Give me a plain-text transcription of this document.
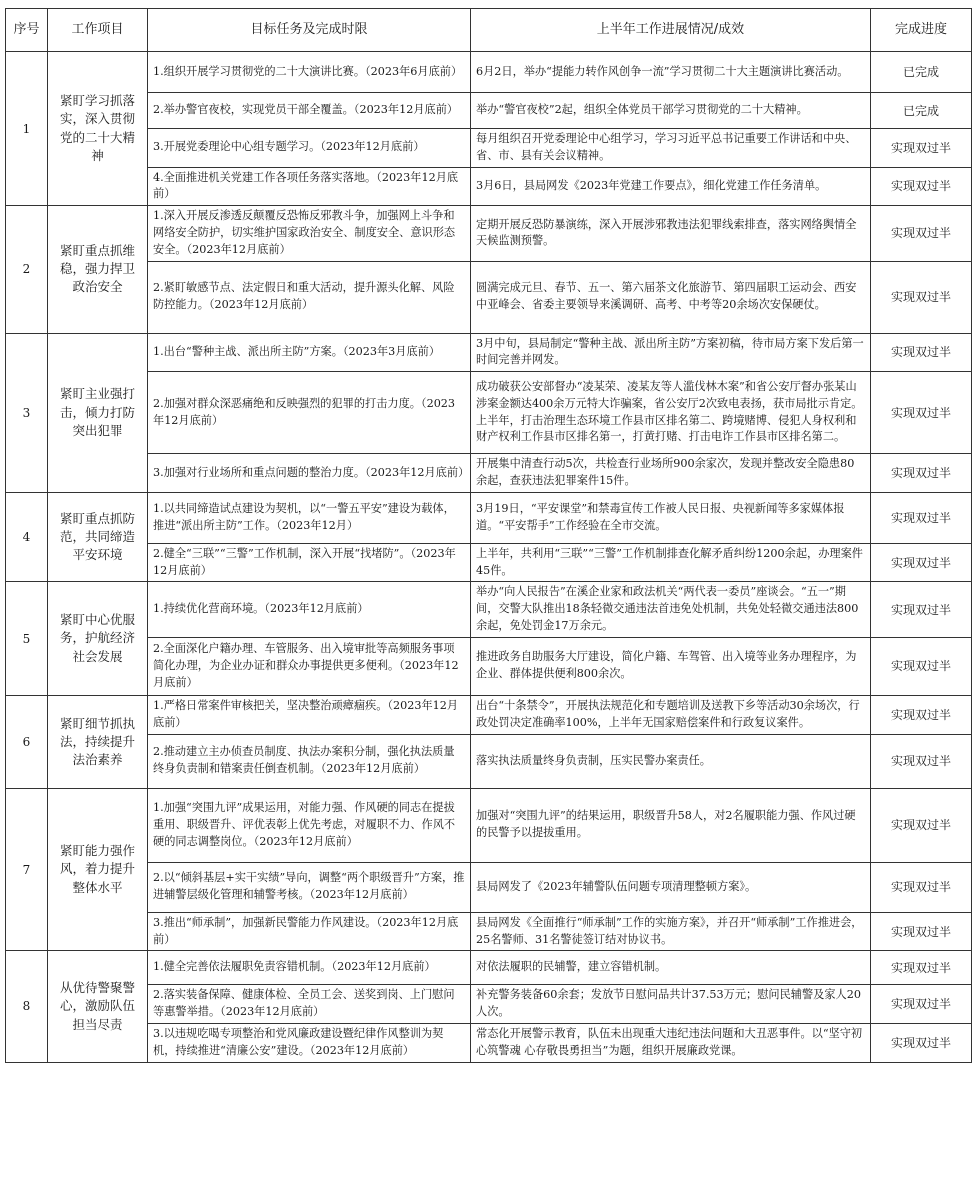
序号	工作项目	目标任务及完成时限	上半年工作进展情况/成效	完成进度
1	紧盯学习抓落实，深入贯彻党的二十大精神	1.组织开展学习贯彻党的二十大演讲比赛。（2023年6月底前）	6月2日，举办“提能力转作风创争一流”学习贯彻二十大主题演讲比赛活动。	已完成
		2.举办警官夜校，实现党员干部全覆盖。（2023年12月底前）	举办“警官夜校”2起，组织全体党员干部学习贯彻党的二十大精神。	已完成
		3.开展党委理论中心组专题学习。（2023年12月底前）	每月组织召开党委理论中心组学习，学习习近平总书记重要工作讲话和中央、省、市、县有关会议精神。	实现双过半
		4.全面推进机关党建工作各项任务落实落地。（2023年12月底前）	3月6日，县局网发《2023年党建工作要点》，细化党建工作任务清单。	实现双过半
2	紧盯重点抓维稳，强力捍卫政治安全	1.深入开展反渗透反颠覆反恐怖反邪教斗争，加强网上斗争和网络安全防护，切实维护国家政治安全、制度安全、意识形态安全。（2023年12月底前）	定期开展反恐防暴演练，深入开展涉邪教违法犯罪线索排查，落实网络舆情全天候监测预警。	实现双过半
		2.紧盯敏感节点、法定假日和重大活动，提升源头化解、风险防控能力。（2023年12月底前）	圆满完成元旦、春节、五一、第六届茶文化旅游节、第四届职工运动会、西安中亚峰会、省委主要领导来溪调研、高考、中考等20余场次安保硬仗。	实现双过半
3	紧盯主业强打击，倾力打防突出犯罪	1.出台“警种主战、派出所主防”方案。（2023年3月底前）	3月中旬，县局制定“警种主战、派出所主防”方案初稿，待市局方案下发后第一时间完善并网发。	实现双过半
		2.加强对群众深恶痛绝和反映强烈的犯罪的打击力度。（2023年12月底前）	成功破获公安部督办“凌某荣、凌某友等人滥伐林木案”和省公安厅督办张某山涉案金额达400余万元特大诈骗案，省公安厅2次致电表扬，获市局批示肯定。上半年，打击治理生态环境工作县市区排名第二、跨境赌博、侵犯人身权利和财产权利工作县市区排名第一，打黄打赌、打击电诈工作县市区排名第二。	实现双过半
		3.加强对行业场所和重点问题的整治力度。（2023年12月底前）	开展集中清查行动5次，共检查行业场所900余家次，发现并整改安全隐患80余起，查获违法犯罪案件15件。	实现双过半
4	紧盯重点抓防范，共同缔造平安环境	1.以共同缔造试点建设为契机，以“一警五平安”建设为载体，推进“派出所主防”工作。（2023年12月）	3月19日，“平安课堂”和禁毒宣传工作被人民日报、央视新闻等多家媒体报道。“平安帮手”工作经验在全市交流。	实现双过半
		2.健全“三联”“三警”工作机制，深入开展“找堵防”。（2023年12月底前）	上半年，共利用“三联”“三警”工作机制排查化解矛盾纠纷1200余起，办理案件45件。	实现双过半
5	紧盯中心优服务，护航经济社会发展	1.持续优化营商环境。（2023年12月底前）	举办“向人民报告”在溪企业家和政法机关“两代表一委员”座谈会。“五一”期间，交警大队推出18条轻微交通违法首违免处机制，共免处轻微交通违法800余起，免处罚金17万余元。	实现双过半
		2.全面深化户籍办理、车管服务、出入境审批等高频服务事项简化办理，为企业办证和群众办事提供更多便利。（2023年12月底前）	推进政务自助服务大厅建设，简化户籍、车驾管、出入境等业务办理程序，为企业、群体提供便利800余次。	实现双过半
6	紧盯细节抓执法，持续提升法治素养	1.严格日常案件审核把关，坚决整治顽瘴痼疾。（2023年12月底前）	出台“十条禁令”，开展执法规范化和专题培训及送教下乡等活动30余场次，行政处罚决定准确率100%，上半年无国家赔偿案件和行政复议案件。	实现双过半
		2.推动建立主办侦查员制度、执法办案积分制，强化执法质量终身负责制和错案责任倒查机制。（2023年12月底前）	落实执法质量终身负责制，压实民警办案责任。	实现双过半
7	紧盯能力强作风，着力提升整体水平	1.加强“突围九评”成果运用，对能力强、作风硬的同志在提拔重用、职级晋升、评优表彰上优先考虑，对履职不力、作风不硬的同志调整岗位。（2023年12月底前）	加强对“突围九评”的结果运用，职级晋升58人，对2名履职能力强、作风过硬的民警予以提拔重用。	实现双过半
		2.以“倾斜基层+实干实绩”导向，调整“两个职级晋升”方案，推进辅警层级化管理和辅警考核。（2023年12月底前）	县局网发了《2023年辅警队伍问题专项清理整顿方案》。	实现双过半
		3.推出“师承制”，加强新民警能力作风建设。（2023年12月底前）	县局网发《全面推行“师承制”工作的实施方案》，并召开“师承制”工作推进会，25名警师、31名警徒签订结对协议书。	实现双过半
8	从优待警聚警心，激励队伍担当尽责	1.健全完善依法履职免责容错机制。（2023年12月底前）	对依法履职的民辅警，建立容错机制。	实现双过半
		2.落实装备保障、健康体检、全员工会、送奖到岗、上门慰问等惠警举措。（2023年12月底前）	补充警务装备60余套；发放节日慰问品共计37.53万元；慰问民辅警及家人20人次。	实现双过半
		3.以违规吃喝专项整治和党风廉政建设暨纪律作风整训为契机，持续推进“清廉公安”建设。（2023年12月底前）	常态化开展警示教育，队伍未出现重大违纪违法问题和大丑恶事件。以“坚守初心筑警魂 心存敬畏勇担当”为题，组织开展廉政党课。	实现双过半
